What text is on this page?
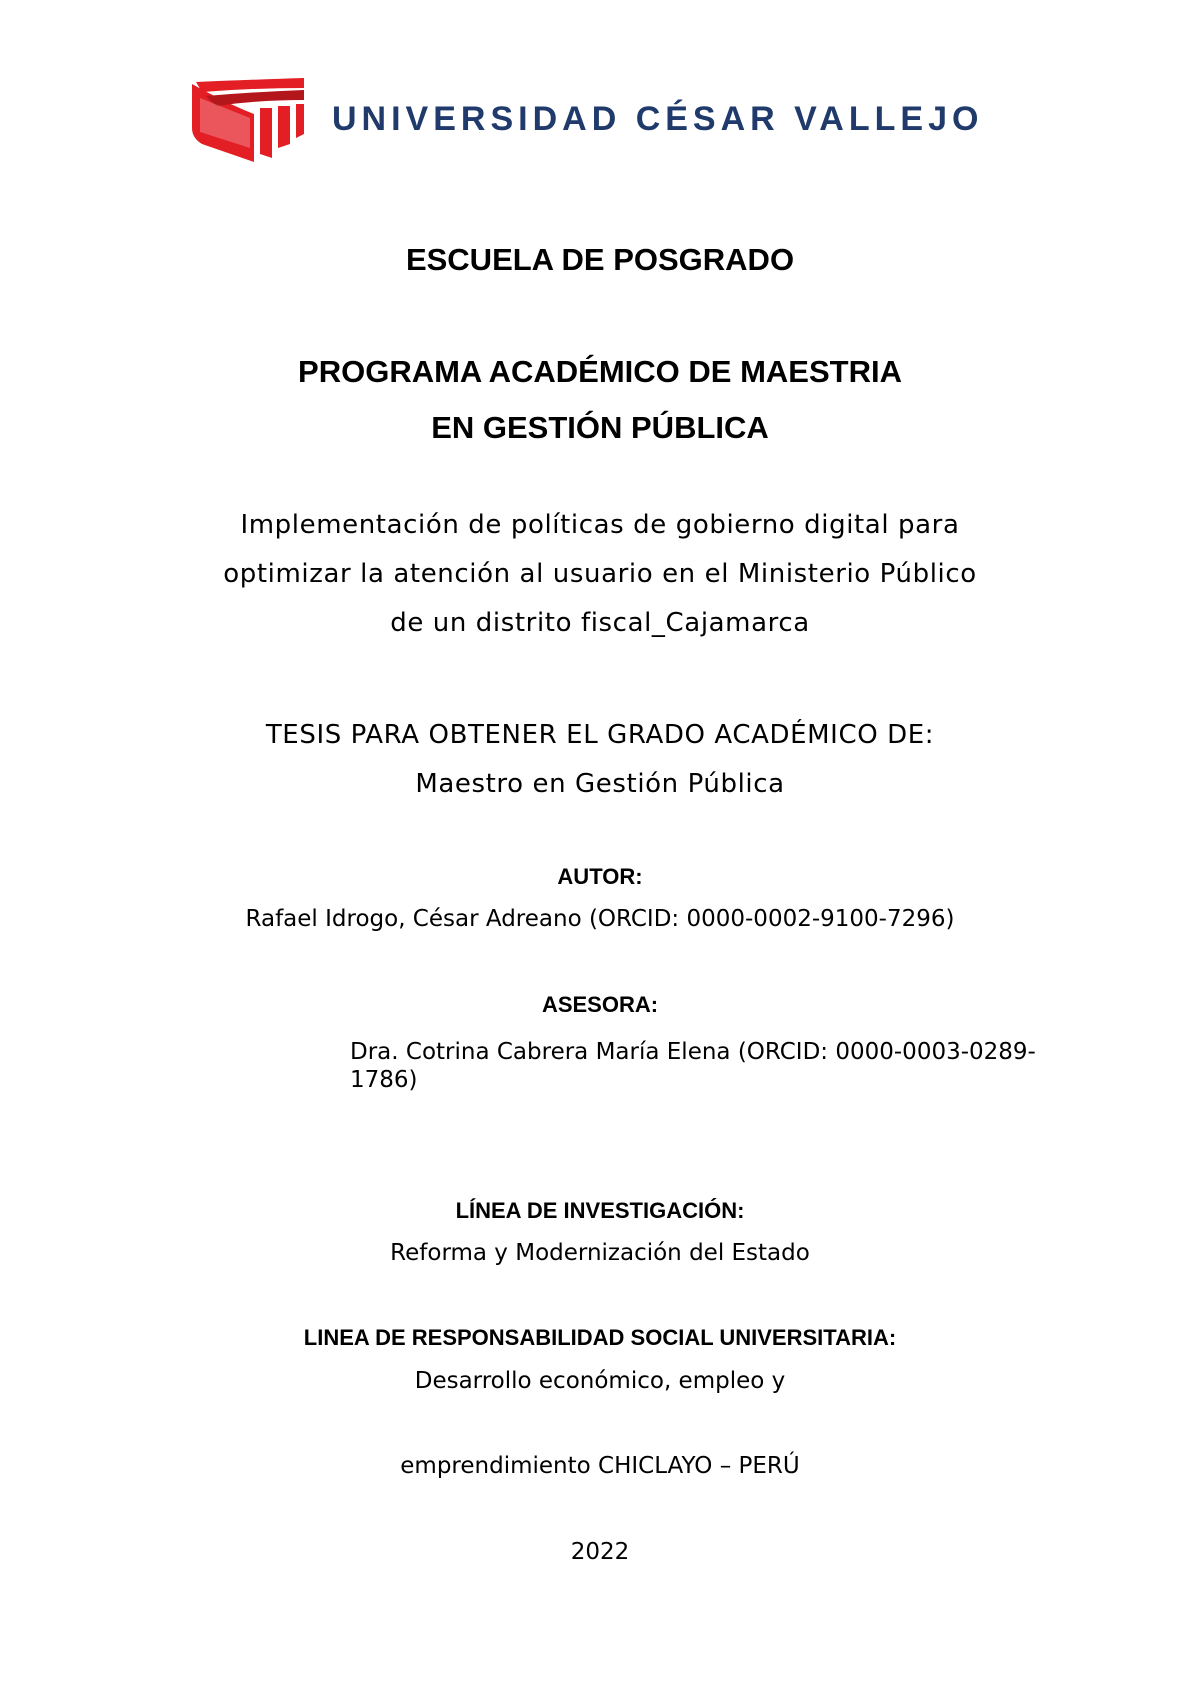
UNIVERSIDAD CÉSAR VALLEJO
ESCUELA DE POSGRADO
PROGRAMA ACADÉMICO DE MAESTRIA
EN GESTIÓN PÚBLICA
Implementación de políticas de gobierno digital para
optimizar la atención al usuario en el Ministerio Público
de un distrito fiscal_Cajamarca
TESIS PARA OBTENER EL GRADO ACADÉMICO DE:
Maestro en Gestión Pública
AUTOR:
Rafael Idrogo, César Adreano (ORCID: 0000-0002-9100-7296)
ASESORA:
Dra. Cotrina Cabrera María Elena (ORCID: 0000-0003-0289-
1786)
LÍNEA DE INVESTIGACIÓN:
Reforma y Modernización del Estado
LINEA DE RESPONSABILIDAD SOCIAL UNIVERSITARIA:
Desarrollo económico, empleo y
emprendimiento CHICLAYO – PERÚ
2022
